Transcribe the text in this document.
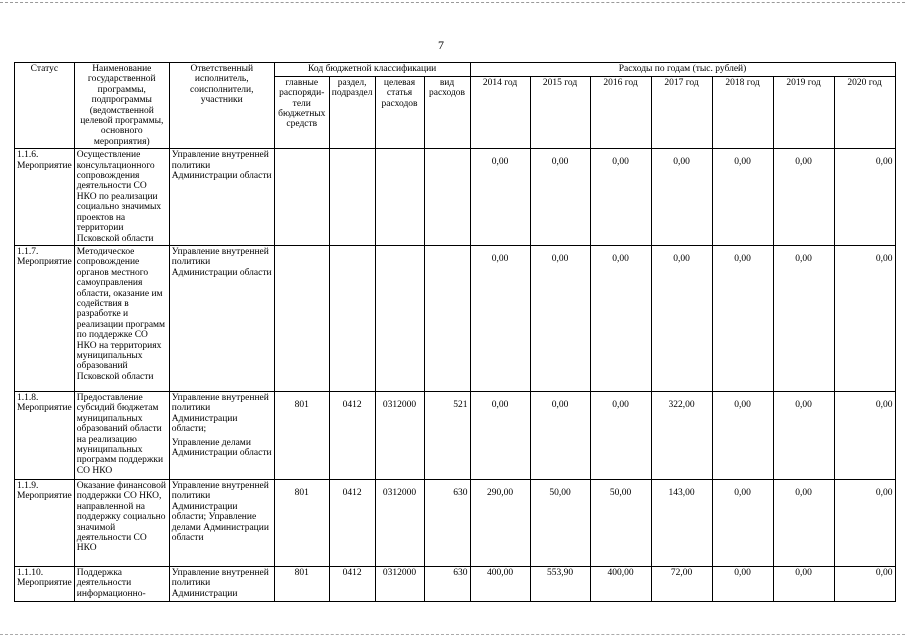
7
Статус	Наименование государственной программы, подпрограммы (ведомственной целевой программы, основного мероприятия)	Ответственный исполнитель, соисполнители, участники	Код бюджетной классификации				Расходы по годам (тыс. рублей)						
			главные распоряди-тели бюджетных средств	раздел, подраздел	целевая статья расходов	вид расходов	2014 год	2015 год	2016 год	2017 год	2018 год	2019 год	2020 год

1.1.6.
Мероприятие	Осуществление консультационного сопровождения деятельности СО НКО по реализации социально значимых проектов на территории Псковской области	Управление внутренней политики Администрации области					0,00	0,00	0,00	0,00	0,00	0,00	0,00

1.1.7.
Мероприятие	Методическое сопровождение органов местного самоуправления области, оказание им содействия в разработке и реализации программ по поддержке СО НКО на территориях муниципальных образований Псковской области	Управление внутренней политики Администрации области					0,00	0,00	0,00	0,00	0,00	0,00	0,00

1.1.8.
Мероприятие	Предоставление субсидий бюджетам муниципальных образований области на реализацию муниципальных программ поддержки СО НКО	Управление внутренней политики Администрации области;
Управление делами Администрации области	801	0412	0312000	521	0,00	0,00	0,00	322,00	0,00	0,00	0,00

1.1.9.
Мероприятие	Оказание финансовой поддержки СО НКО, направленной на поддержку социально значимой деятельности СО НКО	Управление внутренней политики Администрации области; Управление делами Администрации области	801	0412	0312000	630	290,00	50,00	50,00	143,00	0,00	0,00	0,00

1.1.10.
Мероприятие	Поддержка деятельности информационно-	Управление внутренней политики Администрации	801	0412	0312000	630	400,00	553,90	400,00	72,00	0,00	0,00	0,00
